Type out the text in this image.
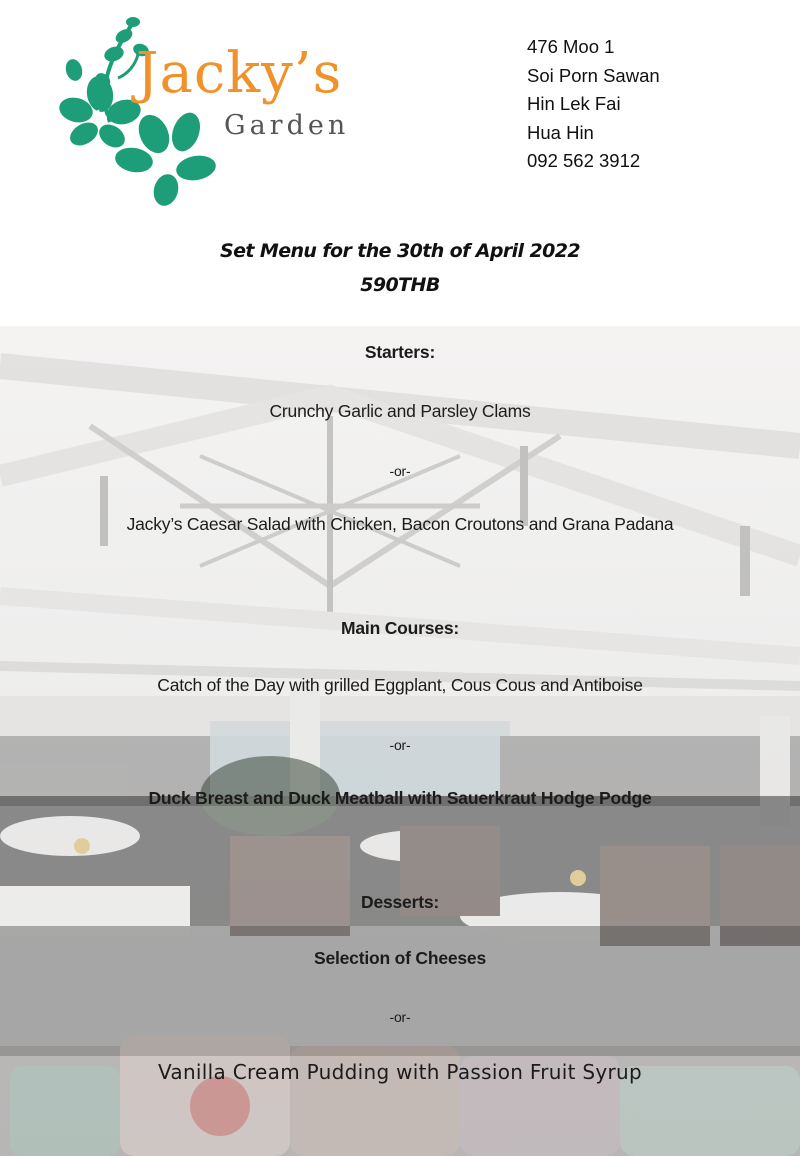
Jacky’s
Garden
476 Moo 1
Soi Porn Sawan
Hin Lek Fai
Hua Hin
092 562 3912
Set Menu for the 30th of April 2022
590THB
Starters:
Crunchy Garlic and Parsley Clams
-or-
Jacky’s Caesar Salad with Chicken, Bacon Croutons and Grana Padana
Main Courses:
Catch of the Day with grilled Eggplant, Cous Cous and Antiboise
-or-
Duck Breast and Duck Meatball with Sauerkraut Hodge Podge
Desserts:
Selection of Cheeses
-or-
Vanilla Cream Pudding with Passion Fruit Syrup
